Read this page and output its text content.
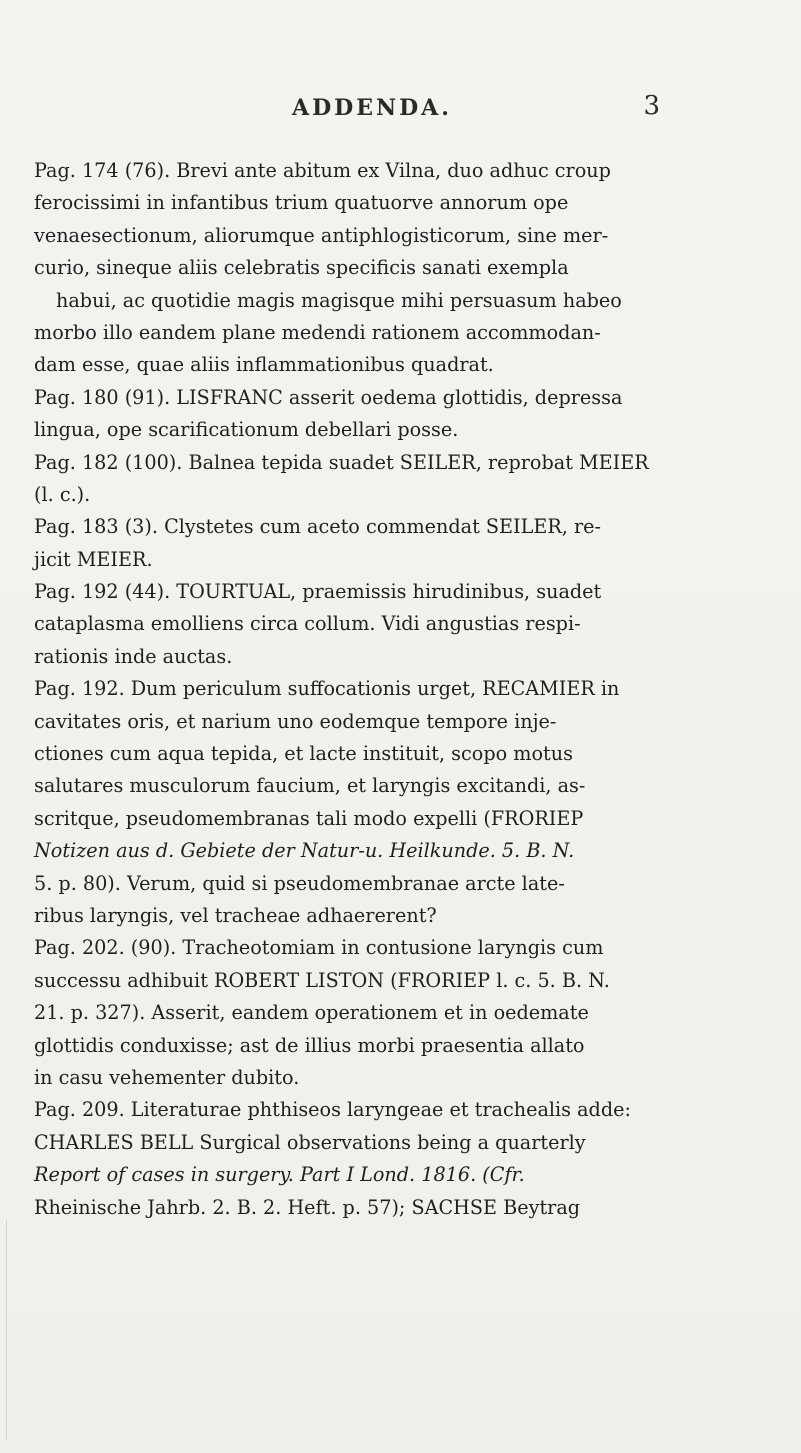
ADDENDA.	3
Pag. 174 (76). Brevi ante abitum ex Vilna, duo adhuc croup
ferocissimi in infantibus trium quatuorve annorum ope
venaesectionum, aliorumque antiphlogisticorum, sine mer-
curio, sineque aliis celebratis specificis sanati exempla
habui, ac quotidie magis magisque mihi persuasum habeo
morbo illo eandem plane medendi rationem accommodan-
dam esse, quae aliis inflammationibus quadrat.
Pag. 180 (91). LISFRANC asserit oedema glottidis, depressa
lingua, ope scarificationum debellari posse.
Pag. 182 (100). Balnea tepida suadet SEILER, reprobat MEIER
(l. c.).
Pag. 183 (3). Clystetes cum aceto commendat SEILER, re-
jicit MEIER.
Pag. 192 (44). TOURTUAL, praemissis hirudinibus, suadet
cataplasma emolliens circa collum. Vidi angustias respi-
rationis inde auctas.
Pag. 192. Dum periculum suffocationis urget, RECAMIER in
cavitates oris, et narium uno eodemque tempore inje-
ctiones cum aqua tepida, et lacte instituit, scopo motus
salutares musculorum faucium, et laryngis excitandi, as-
scritque, pseudomembranas tali modo expelli (FRORIEP
Notizen aus d. Gebiete der Natur-u. Heilkunde. 5. B. N.
5. p. 80). Verum, quid si pseudomembranae arcte late-
ribus laryngis, vel tracheae adhaererent?
Pag. 202. (90). Tracheotomiam in contusione laryngis cum
successu adhibuit ROBERT LISTON (FRORIEP l. c. 5. B. N.
21. p. 327). Asserit, eandem operationem et in oedemate
glottidis conduxisse; ast de illius morbi praesentia allato
in casu vehementer dubito.
Pag. 209. Literaturae phthiseos laryngeae et trachealis adde:
CHARLES BELL Surgical observations being a quarterly
Report of cases in surgery. Part I Lond. 1816. (Cfr.
Rheinische Jahrb. 2. B. 2. Heft. p. 57); SACHSE Beytrag
